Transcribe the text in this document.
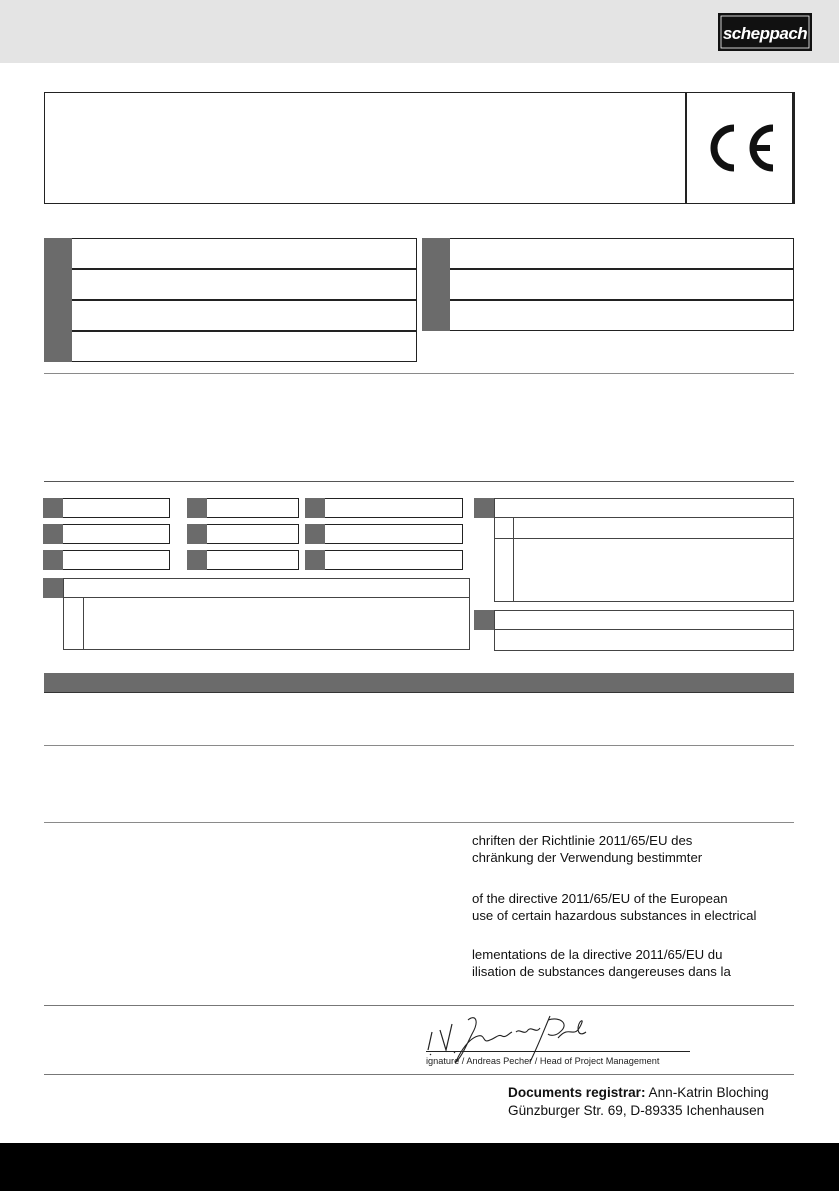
scheppach
chriften der Richtlinie 2011/65/EU des
chränkung der Verwendung bestimmter
of the directive 2011/65/EU of the European
use of certain hazardous substances in electrical
lementations de la directive 2011/65/EU du
ilisation de substances dangereuses dans la
ignature / Andreas Pecher / Head of Project Management
Documents registrar: Ann-Katrin Bloching
Günzburger Str. 69, D-89335 Ichenhausen
